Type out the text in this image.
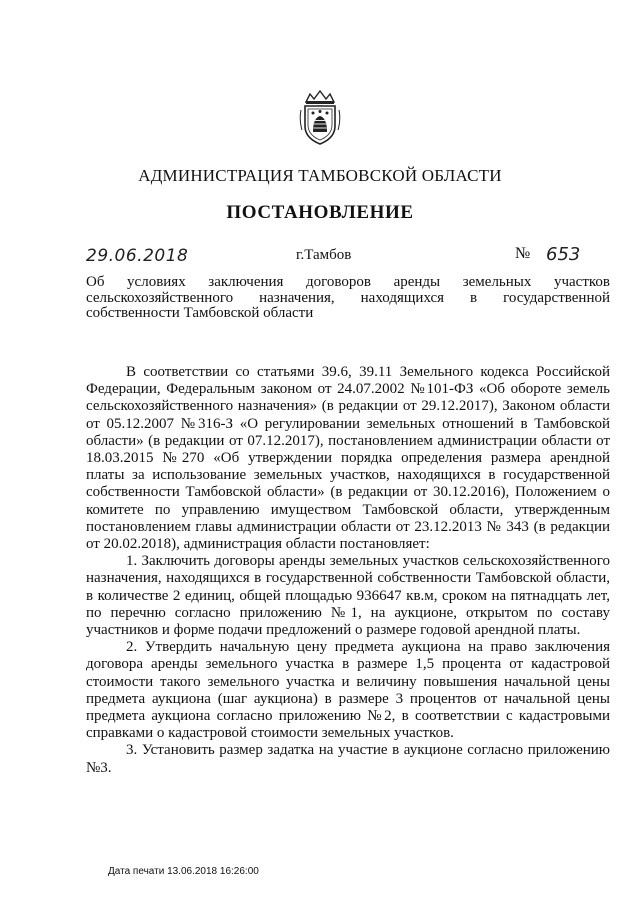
АДМИНИСТРАЦИЯ ТАМБОВСКОЙ ОБЛАСТИ
ПОСТАНОВЛЕНИЕ
29.06.2018	г.Тамбов	№ 653
Об условиях заключения договоров аренды земельных участков сельскохозяйственного назначения, находящихся в государственной собственности Тамбовской области

В соответствии со статьями 39.6, 39.11 Земельного кодекса Российской Федерации, Федеральным законом от 24.07.2002 №101-ФЗ «Об обороте земель сельскохозяйственного назначения» (в редакции от 29.12.2017), Законом области от 05.12.2007 №316-З «О регулировании земельных отношений в Тамбовской области» (в редакции от 07.12.2017), постановлением администрации области от 18.03.2015 №270 «Об утверждении порядка определения размера арендной платы за использование земельных участков, находящихся в государственной собственности Тамбовской области» (в редакции от 30.12.2016), Положением о комитете по управлению имуществом Тамбовской области, утвержденным постановлением главы администрации области от 23.12.2013 № 343 (в редакции от 20.02.2018), администрация области постановляет:

1. Заключить договоры аренды земельных участков сельскохозяйственного назначения, находящихся в государственной собственности Тамбовской области, в количестве 2 единиц, общей площадью 936647 кв.м, сроком на пятнадцать лет, по перечню согласно приложению №1, на аукционе, открытом по составу участников и форме подачи предложений о размере годовой арендной платы.

2. Утвердить начальную цену предмета аукциона на право заключения договора аренды земельного участка в размере 1,5 процента от кадастровой стоимости такого земельного участка и величину повышения начальной цены предмета аукциона (шаг аукциона) в размере 3 процентов от начальной цены предмета аукциона согласно приложению №2, в соответствии с кадастровыми справками о кадастровой стоимости земельных участков.

3. Установить размер задатка на участие в аукционе согласно приложению №3.

Дата печати 13.06.2018 16:26:00
